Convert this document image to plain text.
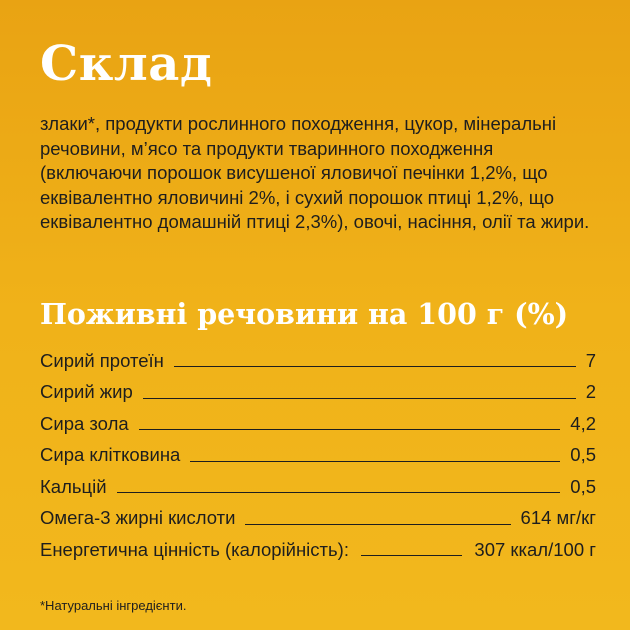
Склад

злаки*, продукти рослинного походження, цукор, мінеральні речовини, м’ясо та продукти тваринного походження (включаючи порошок висушеної яловичої печінки 1,2%, що еквівалентно яловичині 2%, і сухий порошок птиці 1,2%, що еквівалентно домашній птиці 2,3%), овочі, насіння, олії та жири.

Поживні речовини на 100 г (%)
Сирий протеїн	7
Сирий жир	2
Сира зола	4,2
Сира клітковина	0,5
Кальцій	0,5
Омега-3 жирні кислоти	614 мг/кг
Енергетична цінність (калорійність):	307 ккал/100 г

*Натуральні інгредієнти.
